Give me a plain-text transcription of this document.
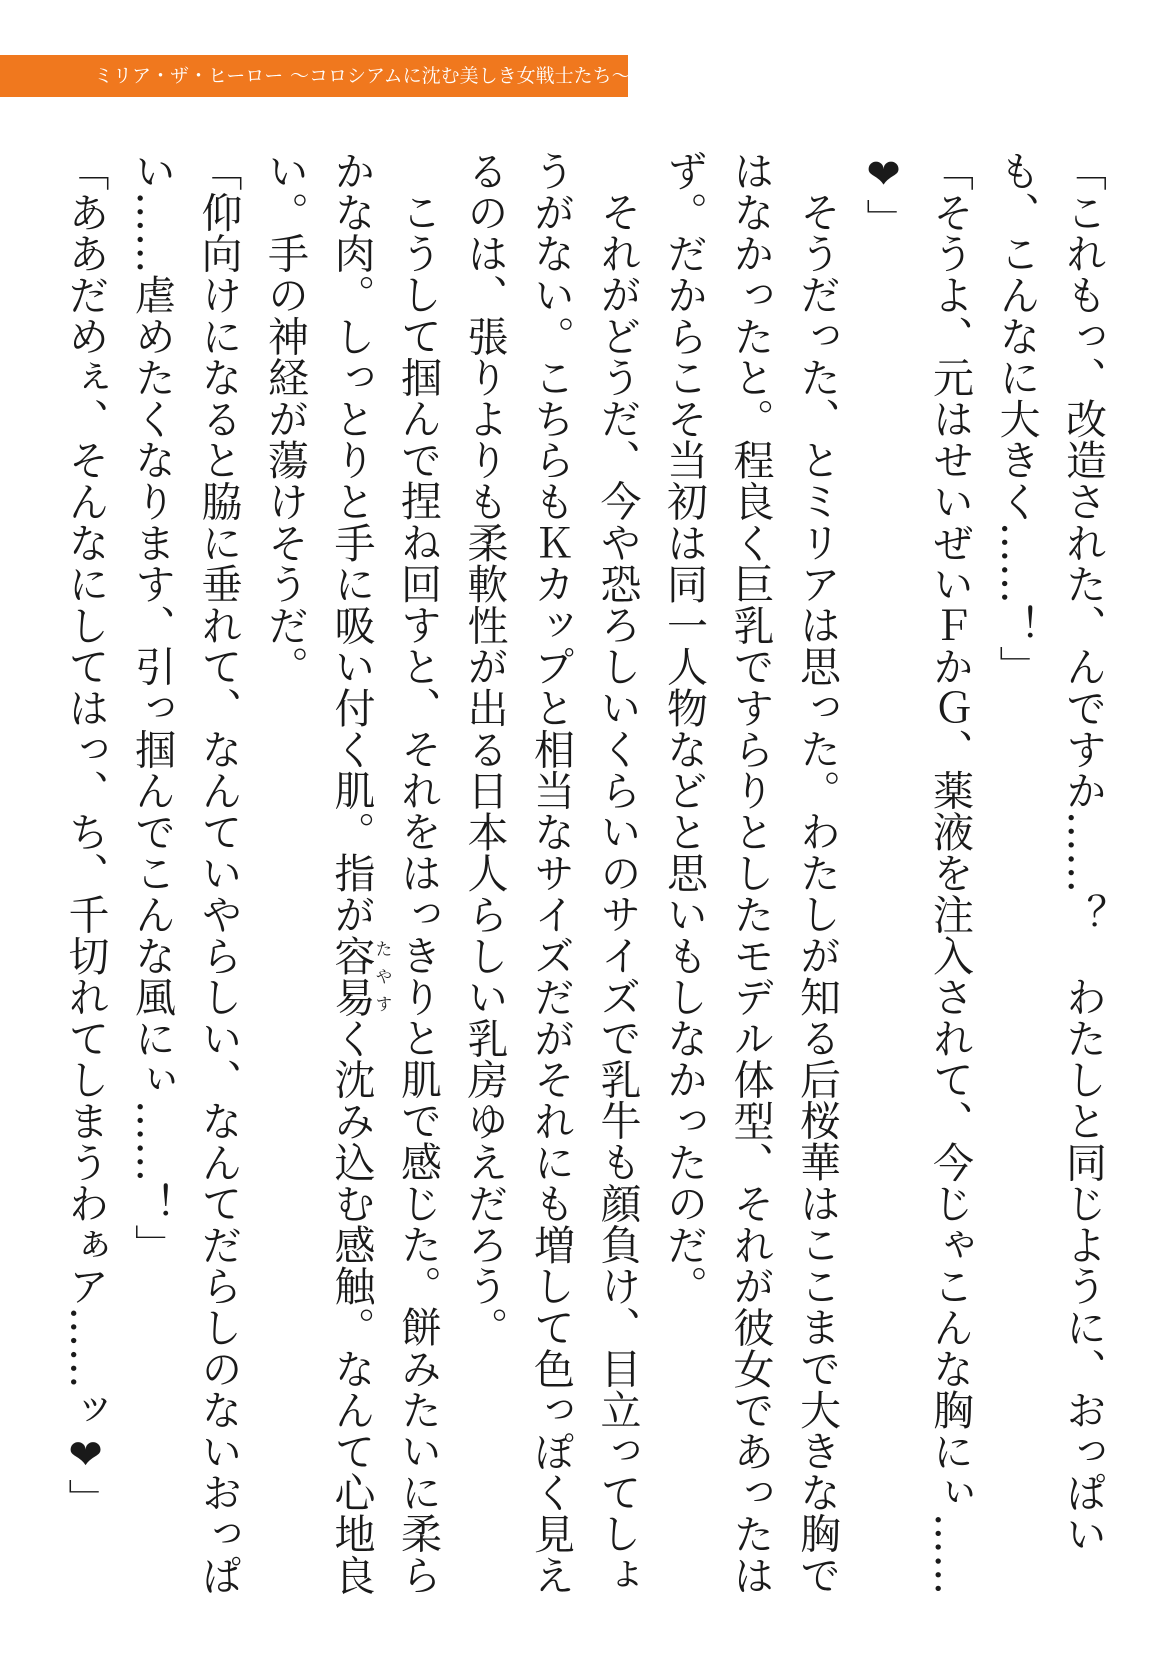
ミリア・ザ・ヒーロー ～コロシアムに沈む美しき女戦士たち～

「これもっ、改造された、んですか……？　わたしと同じように、おっぱいも、こんなに大きく……！」

「そうよ、元はせいぜいＦかＧ、薬液を注入されて、今じゃこんな胸にぃ……❤」

そうだった、とミリアは思った。わたしが知る后桜華はここまで大きな胸ではなかったと。程良く巨乳ですらりとしたモデル体型、それが彼女であったはず。だからこそ当初は同一人物などと思いもしなかったのだ。

それがどうだ、今や恐ろしいくらいのサイズで乳牛も顔負け、目立ってしょうがない。こちらもＫカップと相当なサイズだがそれにも増して色っぽく見えるのは、張りよりも柔軟性が出る日本人らしい乳房ゆえだろう。

こうして掴んで捏ね回すと、それをはっきりと肌で感じた。餅みたいに柔らかな肉。しっとりと手に吸い付く肌。指が容易たやすく沈み込む感触。なんて心地良い。手の神経が蕩けそうだ。

「仰向けになると脇に垂れて、なんていやらしい、なんてだらしのないおっぱい……虐めたくなります、引っ掴んでこんな風にぃ……！」

「ああだめぇ、そんなにしてはっ、ち、千切れてしまうわぁア……ッ❤」
